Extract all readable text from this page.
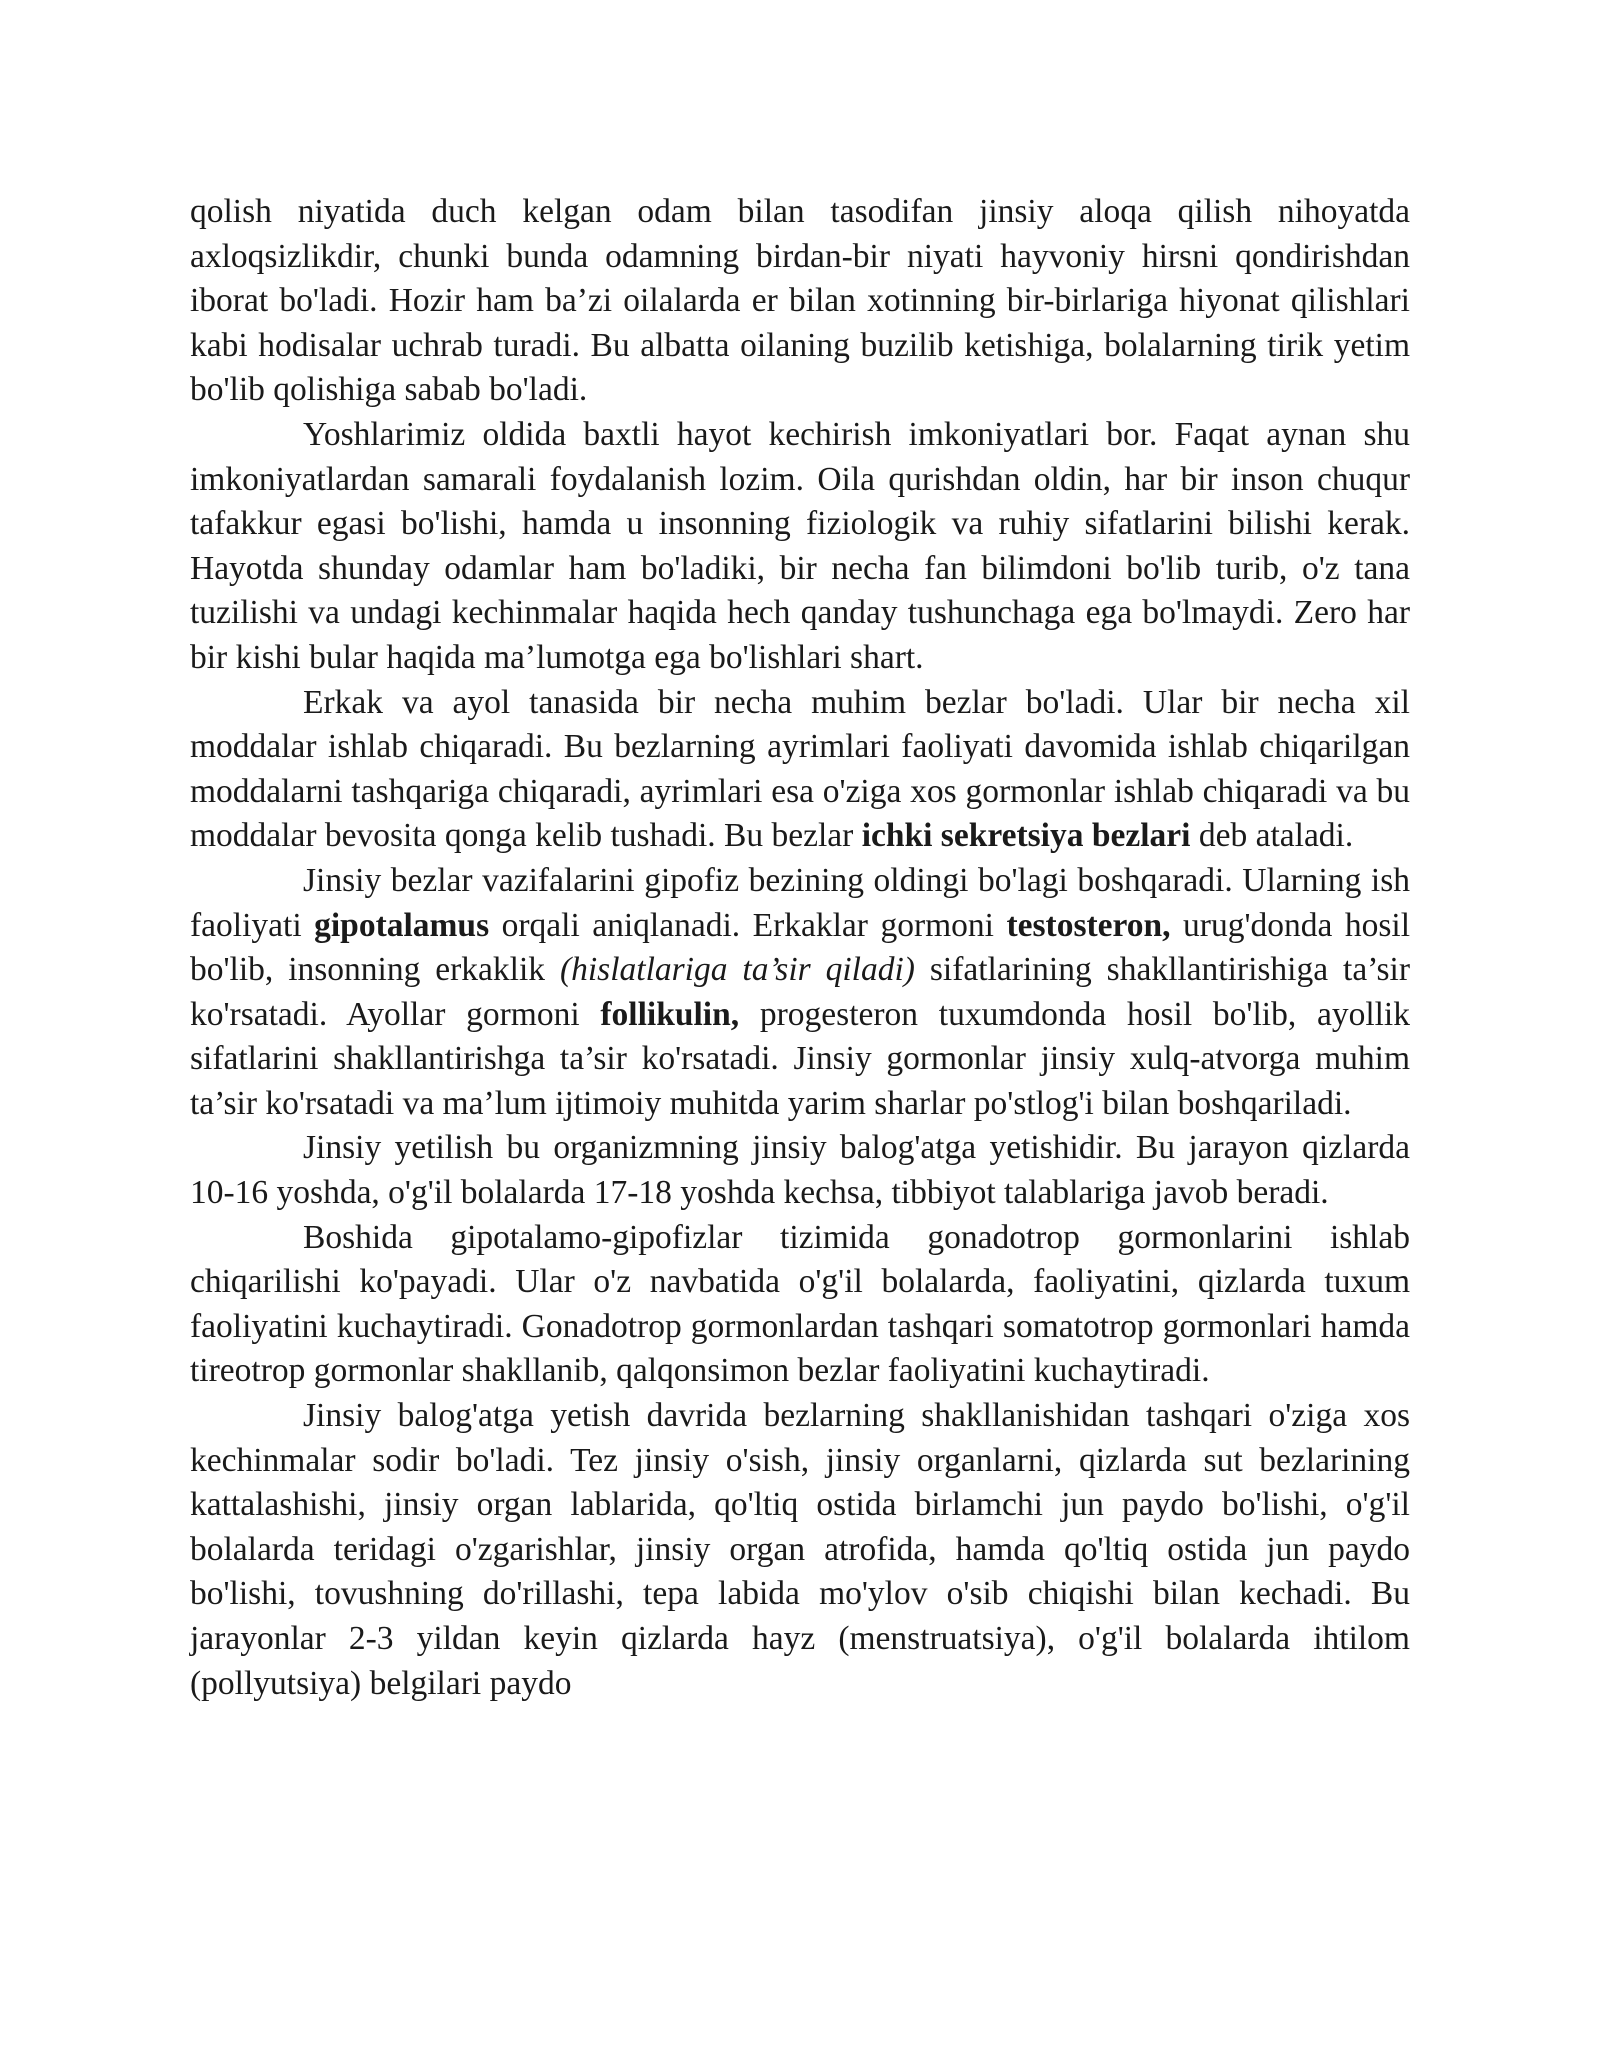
qolish niyatida duch kelgan odam bilan tasodifan jinsiy aloqa qilish nihoyatda axloqsizlikdir, chunki bunda odamning birdan-bir niyati hayvoniy hirsni qondirishdan iborat bo'ladi. Hozir ham ba’zi oilalarda er bilan xotinning bir-birlariga hiyonat qilishlari kabi hodisalar uchrab turadi. Bu albatta oilaning buzilib ketishiga, bolalarning tirik yetim bo'lib qolishiga sabab bo'ladi.

Yoshlarimiz oldida baxtli hayot kechirish imkoniyatlari bor. Faqat aynan shu imkoniyatlardan samarali foydalanish lozim. Oila qurishdan oldin, har bir inson chuqur tafakkur egasi bo'lishi, hamda u insonning fiziologik va ruhiy sifatlarini bilishi kerak. Hayotda shunday odamlar ham bo'ladiki, bir necha fan bilimdoni bo'lib turib, o'z tana tuzilishi va undagi kechinmalar haqida hech qanday tushunchaga ega bo'lmaydi. Zero har bir kishi bular haqida ma’lumotga ega bo'lishlari shart.

Erkak va ayol tanasida bir necha muhim bezlar bo'ladi. Ular bir necha xil moddalar ishlab chiqaradi. Bu bezlarning ayrimlari faoliyati davomida ishlab chiqarilgan moddalarni tashqariga chiqaradi, ayrimlari esa o'ziga xos gormonlar ishlab chiqaradi va bu moddalar bevosita qonga kelib tushadi. Bu bezlar ichki sekretsiya bezlari deb ataladi.

Jinsiy bezlar vazifalarini gipofiz bezining oldingi bo'lagi boshqaradi. Ularning ish faoliyati gipotalamus orqali aniqlanadi. Erkaklar gormoni testosteron, urug'donda hosil bo'lib, insonning erkaklik (hislatlariga ta’sir qiladi) sifatlarining shakllantirishiga ta’sir ko'rsatadi. Ayollar gormoni follikulin, progesteron tuxumdonda hosil bo'lib, ayollik sifatlarini shakllantirishga ta’sir ko'rsatadi. Jinsiy gormonlar jinsiy xulq-atvorga muhim ta’sir ko'rsatadi va ma’lum ijtimoiy muhitda yarim sharlar po'stlog'i bilan boshqariladi.

Jinsiy yetilish bu organizmning jinsiy balog'atga yetishidir. Bu jarayon qizlarda 10-16 yoshda, o'g'il bolalarda 17-18 yoshda kechsa, tibbiyot talablariga javob beradi.

Boshida gipotalamo-gipofizlar tizimida gonadotrop gormonlarini ishlab chiqarilishi ko'payadi. Ular o'z navbatida o'g'il bolalarda, faoliyatini, qizlarda tuxum faoliyatini kuchaytiradi. Gonadotrop gormonlardan tashqari somatotrop gormonlari hamda tireotrop gormonlar shakllanib, qalqonsimon bezlar faoliyatini kuchaytiradi.

Jinsiy balog'atga yetish davrida bezlarning shakllanishidan tashqari o'ziga xos kechinmalar sodir bo'ladi. Tez jinsiy o'sish, jinsiy organlarni, qizlarda sut bezlarining kattalashishi, jinsiy organ lablarida, qo'ltiq ostida birlamchi jun paydo bo'lishi, o'g'il bolalarda teridagi o'zgarishlar, jinsiy organ atrofida, hamda qo'ltiq ostida jun paydo bo'lishi, tovushning do'rillashi, tepa labida mo'ylov o'sib chiqishi bilan kechadi. Bu jarayonlar 2-3 yildan keyin qizlarda hayz (menstruatsiya), o'g'il bolalarda ihtilom (pollyutsiya) belgilari paydo
